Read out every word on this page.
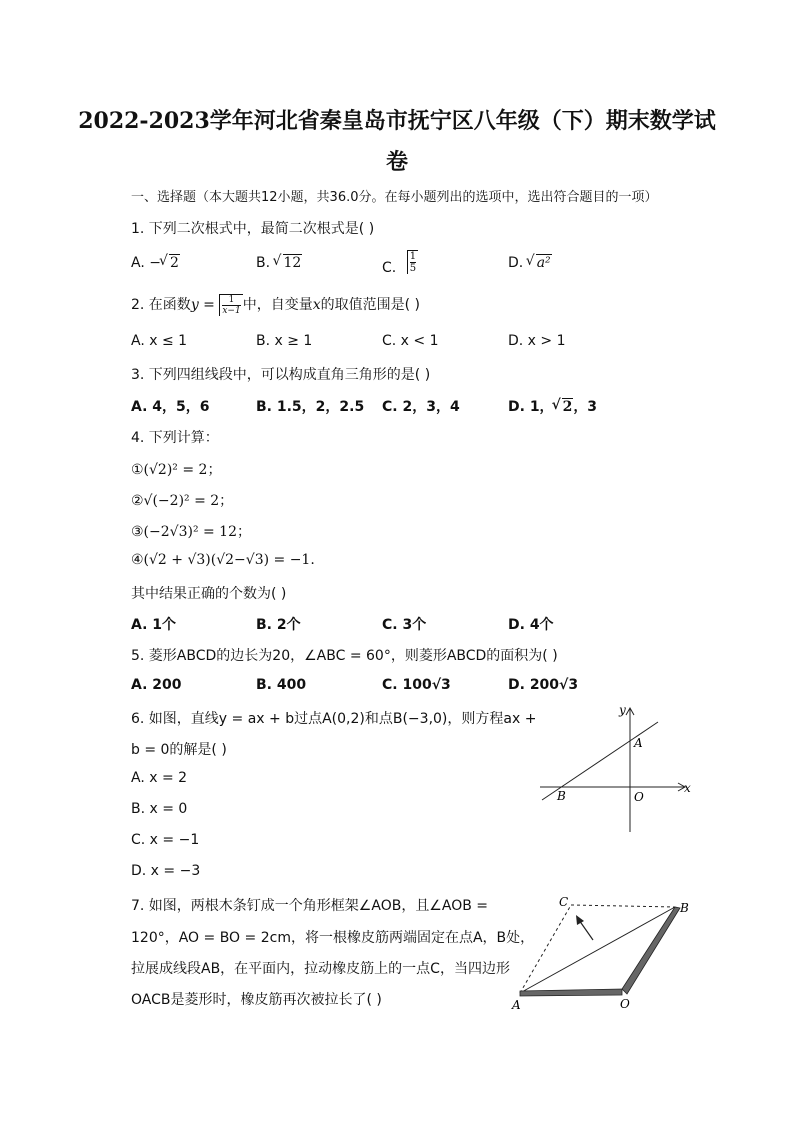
2022-2023学年河北省秦皇岛市抚宁区八年级（下）期末数学试
卷
一、选择题（本大题共12小题，共36.0分。在每小题列出的选项中，选出符合题目的一项）
1. 下列二次根式中，最简二次根式是( )
A. − √ 2	B. √ 12	C. $\frac{1}{5}$	D. √ a²
2. 在函数$y = \frac{1}{x-1}$ 中，自变量x的取值范围是( )
A. x ≤ 1	B. x ≥ 1	C. x < 1	D. x > 1
3. 下列四组线段中，可以构成直角三角形的是( )
A. 4，5，6	B. 1.5，2，2.5 C. 2，3，4	D. 1， √ 2，3
4. 下列计算：
①(√2)² = 2；
②√(−2)² = 2；
③(−2√3)² = 12；
④(√2 + √3)(√2−√3) = −1.
其中结果正确的个数为( )
A. 1个	B. 2个	C. 3个	D. 4个
5. 菱形ABCD的边长为20，∠ABC = 60°，则菱形ABCD的面积为( )
A. 200	B. 400	C. 100√3	D. 200√3
6. 如图，直线y = ax + b过点A(0,2)和点B(−3,0)，则方程ax +
b = 0的解是( )
A. x = 2
B. x = 0
C. x = −1
D. x = −3
y
x
A
B	O
7. 如图，两根木条钉成一个角形框架∠AOB，且∠AOB =
120°，AO = BO = 2cm，将一根橡皮筋两端固定在点A，B处，
拉展成线段AB，在平面内，拉动橡皮筋上的一点C，当四边形
OACB是菱形时，橡皮筋再次被拉长了( )
C	B
A	O
